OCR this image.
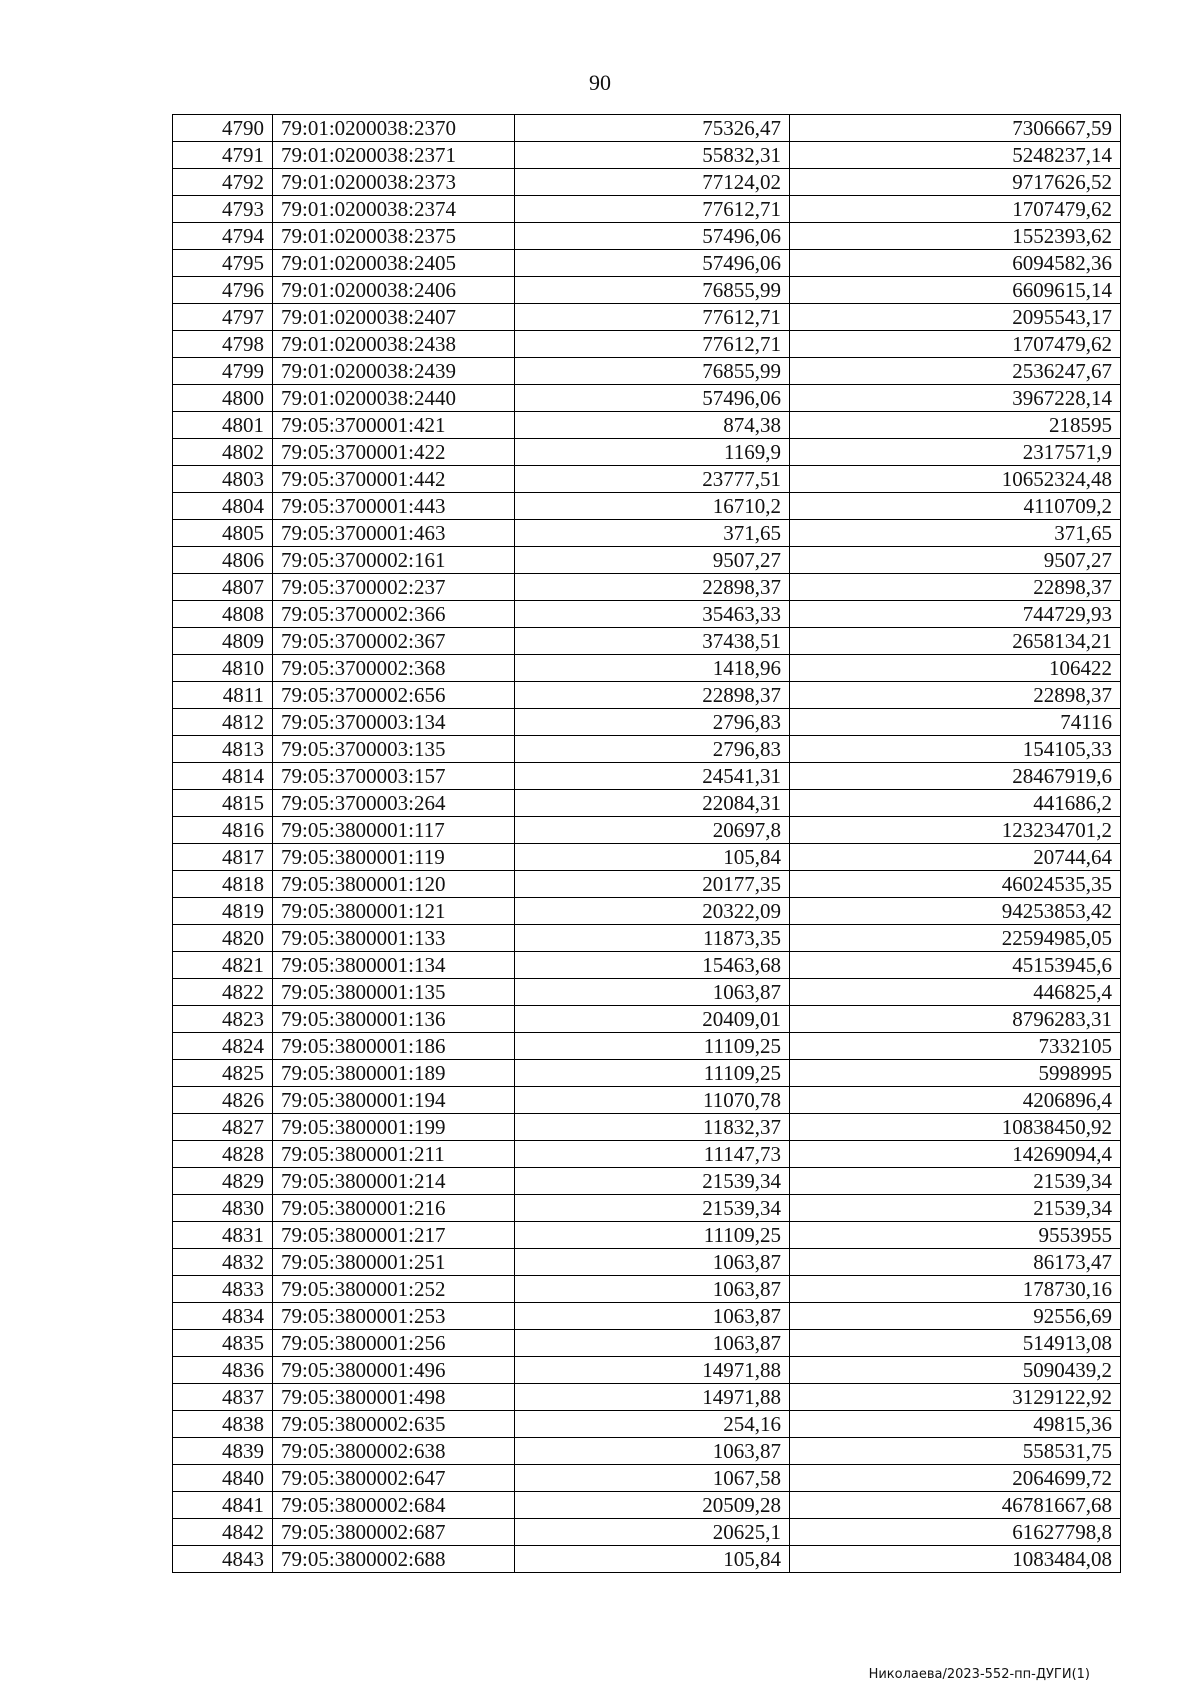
90
4790	79:01:0200038:2370	75326,47	7306667,59
4791	79:01:0200038:2371	55832,31	5248237,14
4792	79:01:0200038:2373	77124,02	9717626,52
4793	79:01:0200038:2374	77612,71	1707479,62
4794	79:01:0200038:2375	57496,06	1552393,62
4795	79:01:0200038:2405	57496,06	6094582,36
4796	79:01:0200038:2406	76855,99	6609615,14
4797	79:01:0200038:2407	77612,71	2095543,17
4798	79:01:0200038:2438	77612,71	1707479,62
4799	79:01:0200038:2439	76855,99	2536247,67
4800	79:01:0200038:2440	57496,06	3967228,14
4801	79:05:3700001:421	874,38	218595
4802	79:05:3700001:422	1169,9	2317571,9
4803	79:05:3700001:442	23777,51	10652324,48
4804	79:05:3700001:443	16710,2	4110709,2
4805	79:05:3700001:463	371,65	371,65
4806	79:05:3700002:161	9507,27	9507,27
4807	79:05:3700002:237	22898,37	22898,37
4808	79:05:3700002:366	35463,33	744729,93
4809	79:05:3700002:367	37438,51	2658134,21
4810	79:05:3700002:368	1418,96	106422
4811	79:05:3700002:656	22898,37	22898,37
4812	79:05:3700003:134	2796,83	74116
4813	79:05:3700003:135	2796,83	154105,33
4814	79:05:3700003:157	24541,31	28467919,6
4815	79:05:3700003:264	22084,31	441686,2
4816	79:05:3800001:117	20697,8	123234701,2
4817	79:05:3800001:119	105,84	20744,64
4818	79:05:3800001:120	20177,35	46024535,35
4819	79:05:3800001:121	20322,09	94253853,42
4820	79:05:3800001:133	11873,35	22594985,05
4821	79:05:3800001:134	15463,68	45153945,6
4822	79:05:3800001:135	1063,87	446825,4
4823	79:05:3800001:136	20409,01	8796283,31
4824	79:05:3800001:186	11109,25	7332105
4825	79:05:3800001:189	11109,25	5998995
4826	79:05:3800001:194	11070,78	4206896,4
4827	79:05:3800001:199	11832,37	10838450,92
4828	79:05:3800001:211	11147,73	14269094,4
4829	79:05:3800001:214	21539,34	21539,34
4830	79:05:3800001:216	21539,34	21539,34
4831	79:05:3800001:217	11109,25	9553955
4832	79:05:3800001:251	1063,87	86173,47
4833	79:05:3800001:252	1063,87	178730,16
4834	79:05:3800001:253	1063,87	92556,69
4835	79:05:3800001:256	1063,87	514913,08
4836	79:05:3800001:496	14971,88	5090439,2
4837	79:05:3800001:498	14971,88	3129122,92
4838	79:05:3800002:635	254,16	49815,36
4839	79:05:3800002:638	1063,87	558531,75
4840	79:05:3800002:647	1067,58	2064699,72
4841	79:05:3800002:684	20509,28	46781667,68
4842	79:05:3800002:687	20625,1	61627798,8
4843	79:05:3800002:688	105,84	1083484,08
Николаева/2023-552-пп-ДУГИ(1)
